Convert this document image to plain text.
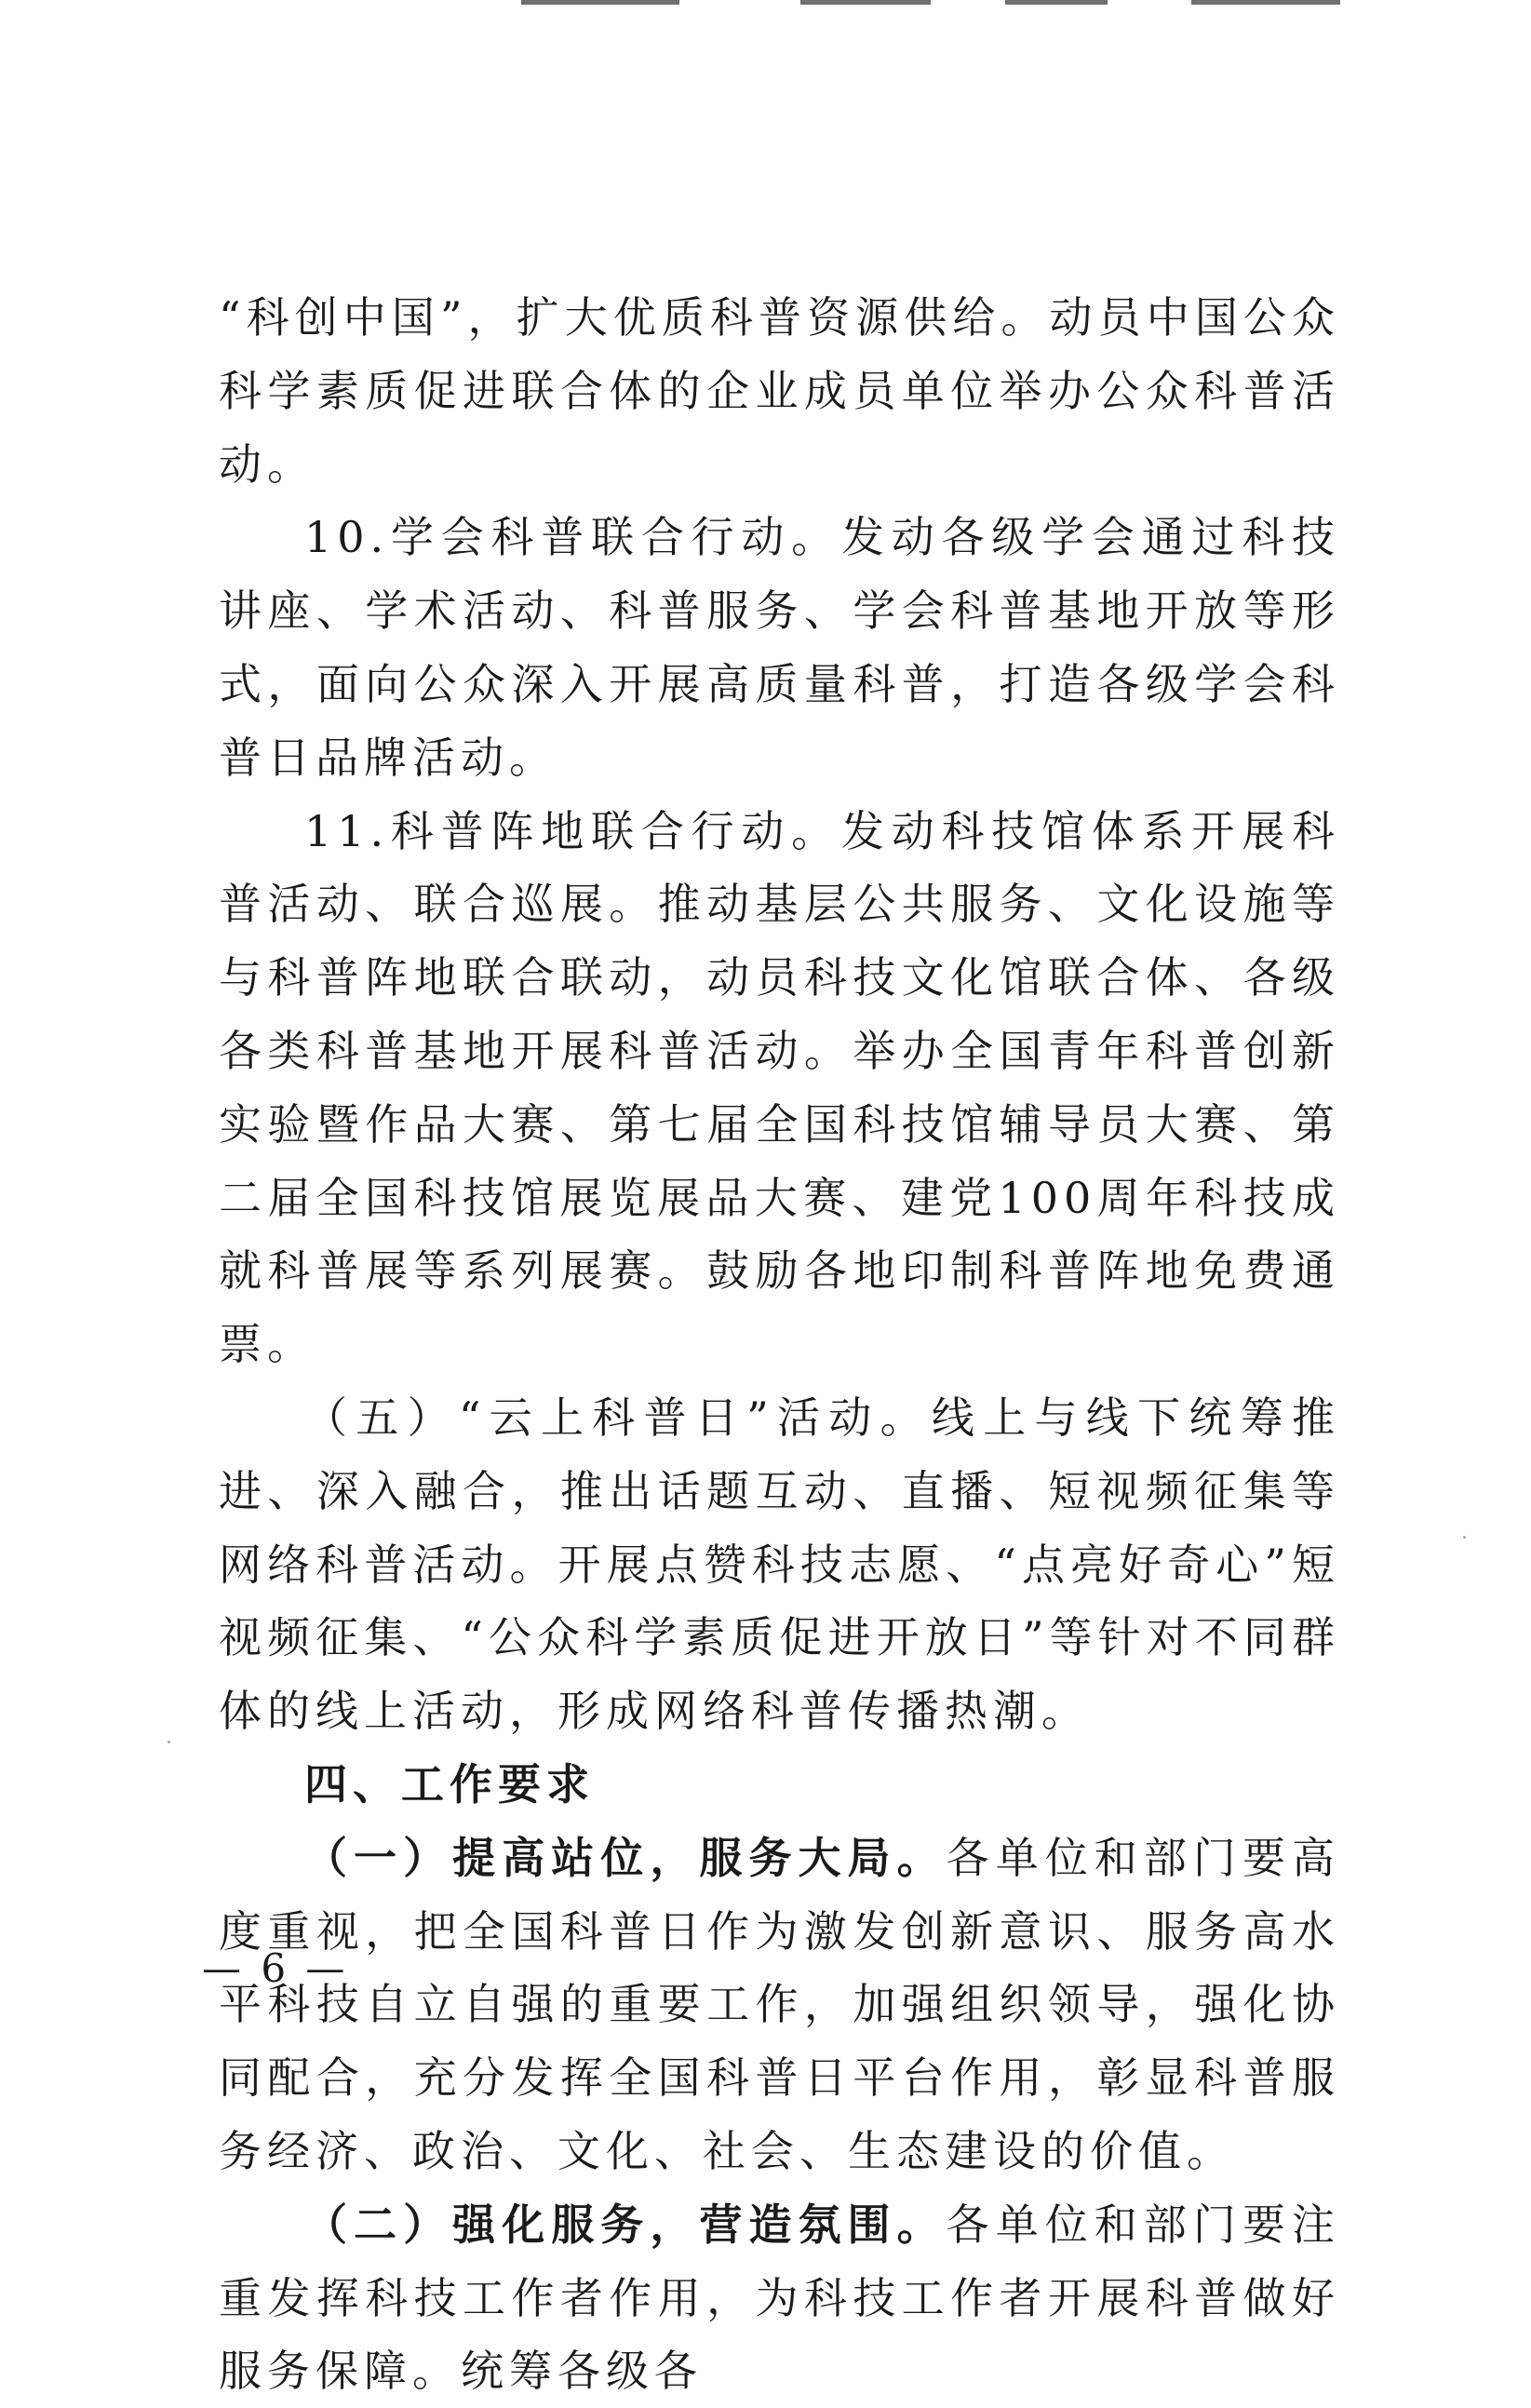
“科创中国”，扩大优质科普资源供给。动员中国公众科学素质促进联合体的企业成员单位举办公众科普活动。

10.学会科普联合行动。发动各级学会通过科技讲座、学术活动、科普服务、学会科普基地开放等形式，面向公众深入开展高质量科普，打造各级学会科普日品牌活动。

11.科普阵地联合行动。发动科技馆体系开展科普活动、联合巡展。推动基层公共服务、文化设施等与科普阵地联合联动，动员科技文化馆联合体、各级各类科普基地开展科普活动。举办全国青年科普创新实验暨作品大赛、第七届全国科技馆辅导员大赛、第二届全国科技馆展览展品大赛、建党100周年科技成就科普展等系列展赛。鼓励各地印制科普阵地免费通票。

（五）“云上科普日”活动。线上与线下统筹推进、深入融合，推出话题互动、直播、短视频征集等网络科普活动。开展点赞科技志愿、“点亮好奇心”短视频征集、“公众科学素质促进开放日”等针对不同群体的线上活动，形成网络科普传播热潮。

四、工作要求

（一）提高站位，服务大局。各单位和部门要高度重视，把全国科普日作为激发创新意识、服务高水平科技自立自强的重要工作，加强组织领导，强化协同配合，充分发挥全国科普日平台作用，彰显科普服务经济、政治、文化、社会、生态建设的价值。

（二）强化服务，营造氛围。各单位和部门要注重发挥科技工作者作用，为科技工作者开展科普做好服务保障。统筹各级各

— 6 —
